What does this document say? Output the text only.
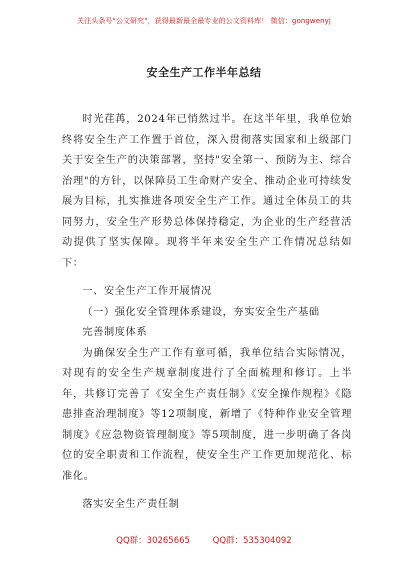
关注头条号"公文研究"，获得最新最全最专业的公文资料库！ 微信：gongwenyj
安全生产工作半年总结

时光荏苒，2024年已悄然过半。在这半年里，我单位始终将安全生产工作置于首位，深入贯彻落实国家和上级部门关于安全生产的决策部署，坚持"安全第一、预防为主、综合治理"的方针，以保障员工生命财产安全、推动企业可持续发展为目标，扎实推进各项安全生产工作。通过全体员工的共同努力，安全生产形势总体保持稳定，为企业的生产经营活动提供了坚实保障。现将半年来安全生产工作情况总结如下：

一、安全生产工作开展情况

（一）强化安全管理体系建设，夯实安全生产基础

完善制度体系

为确保安全生产工作有章可循，我单位结合实际情况，对现有的安全生产规章制度进行了全面梳理和修订。上半年，共修订完善了《安全生产责任制》《安全操作规程》《隐患排查治理制度》等12项制度，新增了《特种作业安全管理制度》《应急物资管理制度》等5项制度，进一步明确了各岗位的安全职责和工作流程，使安全生产工作更加规范化、标准化。

落实安全生产责任制

QQ群：30265665	QQ群：535304092
